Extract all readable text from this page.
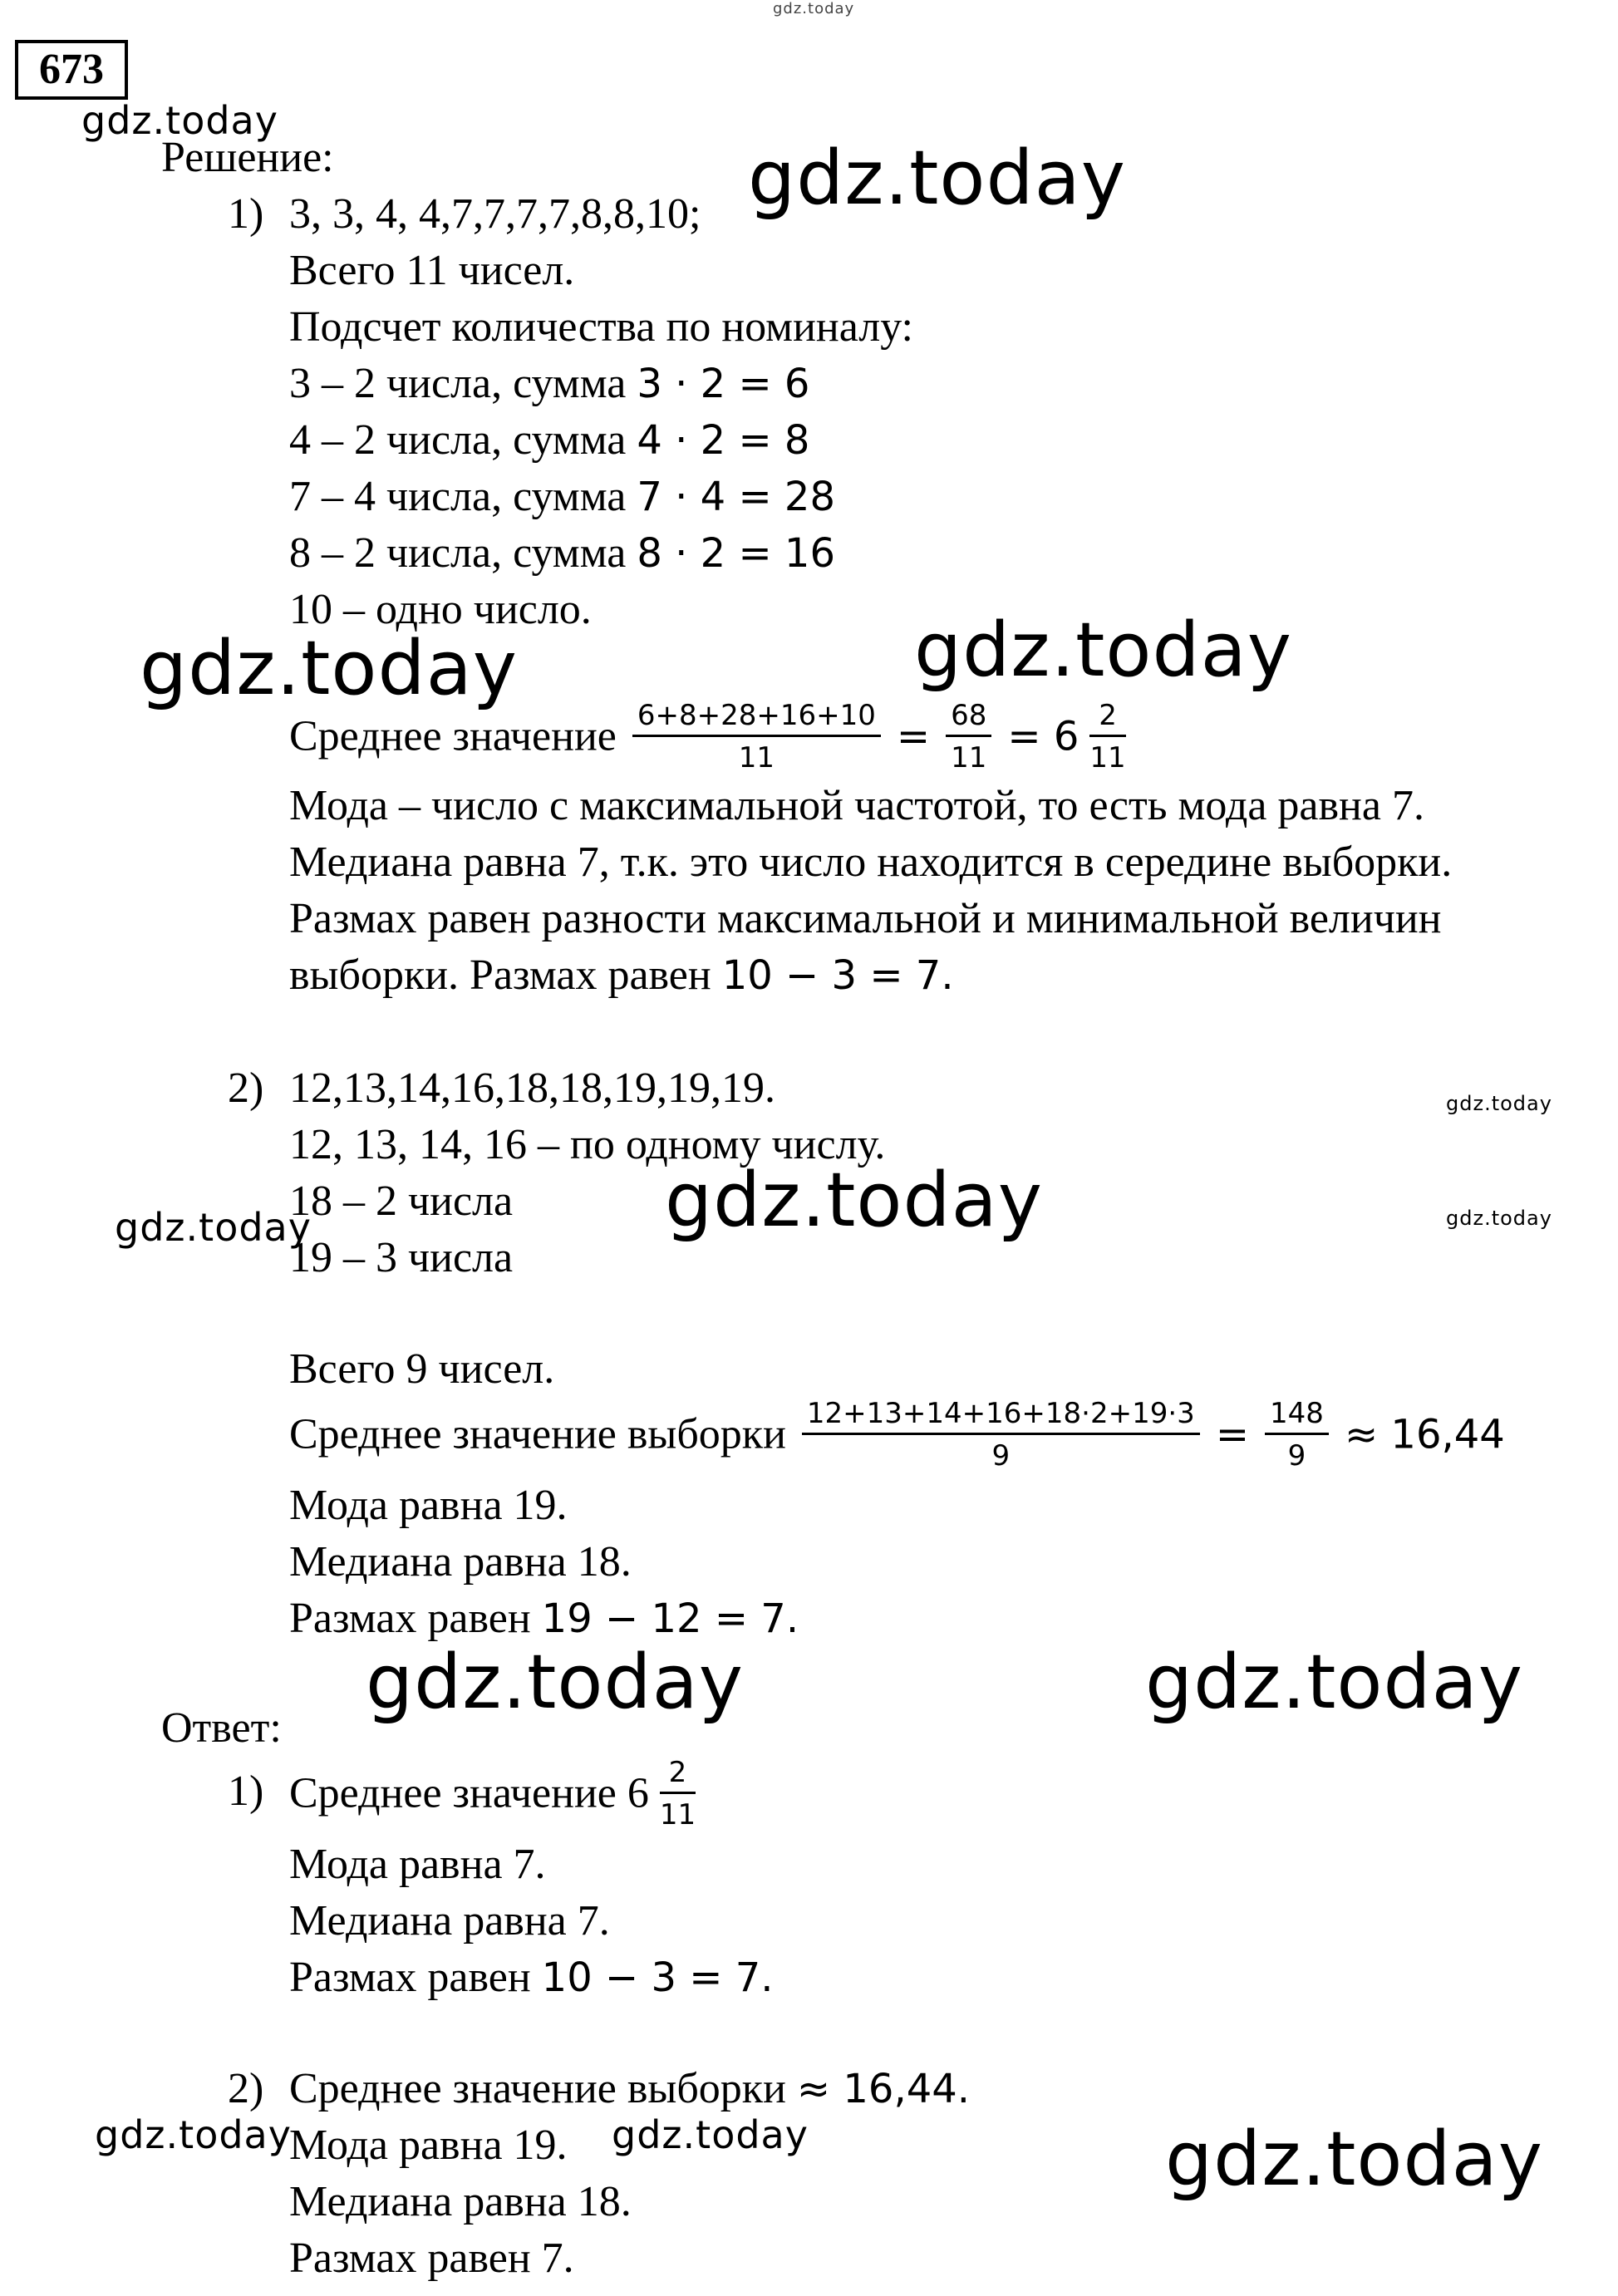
gdz.today
gdz.today
gdz.today
gdz.today	gdz.today
gdz.today
gdz.today	gdz.today
gdz.today
gdz.today	gdz.today
gdz.today	gdz.today	gdz.today
673
Решение:
1) 3, 3, 4, 4,7,7,7,7,8,8,10;
Всего 11 чисел.
Подсчет количества по номиналу:
3 – 2 числа, сумма 3 · 2 = 6
4 – 2 числа, сумма 4 · 2 = 8
7 – 4 числа, сумма 7 · 4 = 28
8 – 2 числа, сумма 8 · 2 = 16
10 – одно число.
Среднее значение $\frac{6+8+28+16+10}{11} = \frac{68}{11} = 6 \frac{2}{11}$
Мода – число с максимальной частотой, то есть мода равна 7.
Медиана равна 7, т.к. это число находится в середине выборки.
Размах равен разности максимальной и минимальной величин
выборки. Размах равен 10 − 3 = 7.
2) 12,13,14,16,18,18,19,19,19.
12, 13, 14, 16 – по одному числу.
18 – 2 числа
19 – 3 числа
Всего 9 чисел.
Среднее значение выборки $\frac{12+13+14+16+18\cdot 2+19\cdot 3}{9} = \frac{148}{9} \approx 16,44$
Мода равна 19.
Медиана равна 18.
Размах равен 19 − 12 = 7.
Ответ:
1) Среднее значение $6 \frac{2}{11}$
Мода равна 7.
Медиана равна 7.
Размах равен 10 − 3 = 7.
2) Среднее значение выборки ≈ 16,44.
Мода равна 19.
Медиана равна 18.
Размах равен 7.
